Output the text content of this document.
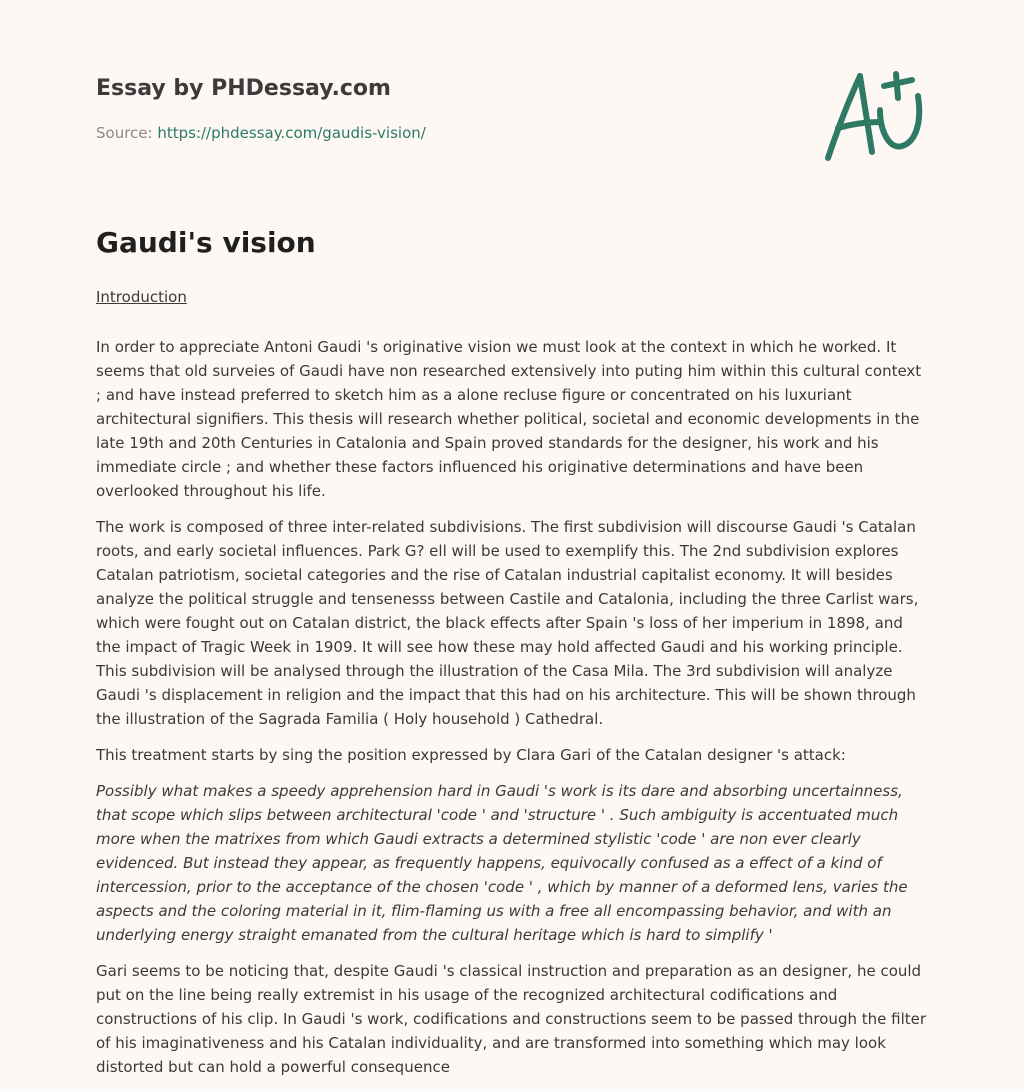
Essay by PHDessay.com
Source: https://phdessay.com/gaudis-vision/
Gaudi's vision
Introduction

In order to appreciate Antoni Gaudi 's originative vision we must look at the context in which he worked. It seems that old surveies of Gaudi have non researched extensively into puting him within this cultural context ; and have instead preferred to sketch him as a alone recluse figure or concentrated on his luxuriant architectural signifiers. This thesis will research whether political, societal and economic developments in the late 19th and 20th Centuries in Catalonia and Spain proved standards for the designer, his work and his immediate circle ; and whether these factors influenced his originative determinations and have been overlooked throughout his life.

The work is composed of three inter-related subdivisions. The first subdivision will discourse Gaudi 's Catalan roots, and early societal influences. Park G? ell will be used to exemplify this. The 2nd subdivision explores Catalan patriotism, societal categories and the rise of Catalan industrial capitalist economy. It will besides analyze the political struggle and tensenesss between Castile and Catalonia, including the three Carlist wars, which were fought out on Catalan district, the black effects after Spain 's loss of her imperium in 1898, and the impact of Tragic Week in 1909. It will see how these may hold affected Gaudi and his working principle. This subdivision will be analysed through the illustration of the Casa Mila. The 3rd subdivision will analyze Gaudi 's displacement in religion and the impact that this had on his architecture. This will be shown through the illustration of the Sagrada Familia ( Holy household ) Cathedral.

This treatment starts by sing the position expressed by Clara Gari of the Catalan designer 's attack:

Possibly what makes a speedy apprehension hard in Gaudi 's work is its dare and absorbing uncertainness, that scope which slips between architectural 'code ' and 'structure ' . Such ambiguity is accentuated much more when the matrixes from which Gaudi extracts a determined stylistic 'code ' are non ever clearly evidenced. But instead they appear, as frequently happens, equivocally confused as a effect of a kind of intercession, prior to the acceptance of the chosen 'code ' , which by manner of a deformed lens, varies the aspects and the coloring material in it, flim-flaming us with a free all encompassing behavior, and with an underlying energy straight emanated from the cultural heritage which is hard to simplify '

Gari seems to be noticing that, despite Gaudi 's classical instruction and preparation as an designer, he could put on the line being really extremist in his usage of the recognized architectural codifications and constructions of his clip. In Gaudi 's work, codifications and constructions seem to be passed through the filter of his imaginativeness and his Catalan individuality, and are transformed into something which may look distorted but can hold a powerful consequence
